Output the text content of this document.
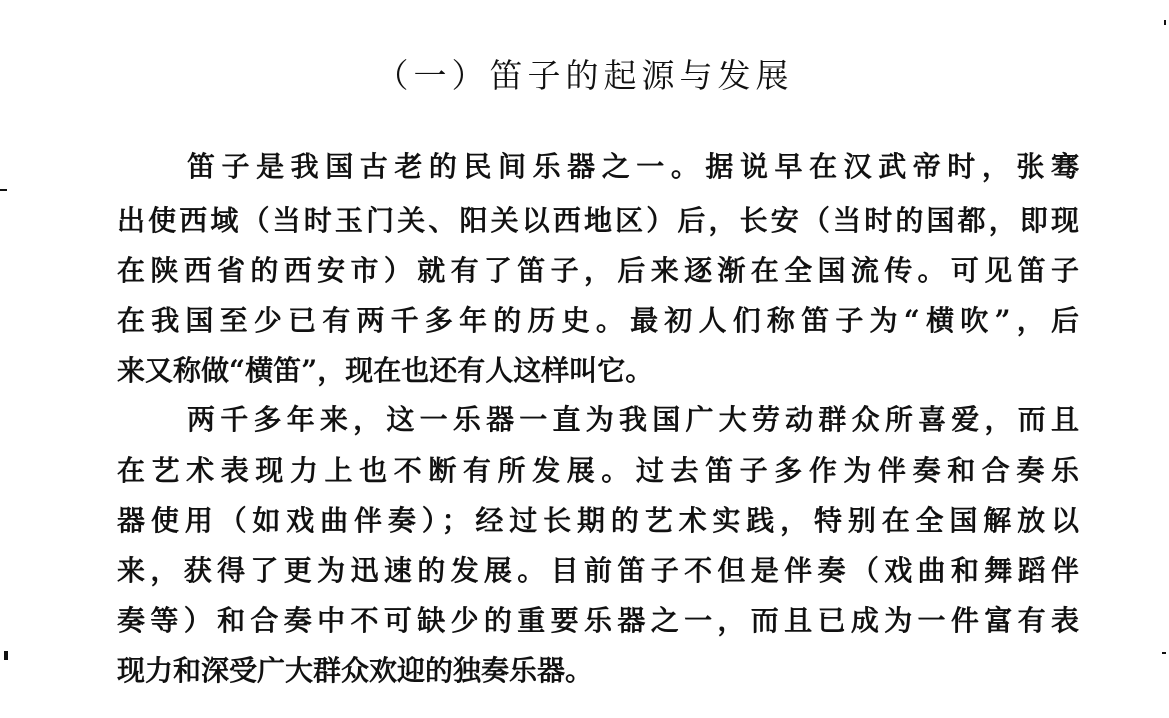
（一）笛子的起源与发展

笛子是我国古老的民间乐器之一。据说早在汉武帝时，张骞

出使西域（当时玉门关、阳关以西地区）后，长安（当时的国都，即现

在陕西省的西安市）就有了笛子，后来逐渐在全国流传。可见笛子

在我国至少已有两千多年的历史。最初人们称笛子为“横吹”，后

来又称做“横笛”，现在也还有人这样叫它。

两千多年来，这一乐器一直为我国广大劳动群众所喜爱，而且

在艺术表现力上也不断有所发展。过去笛子多作为伴奏和合奏乐

器使用（如戏曲伴奏）；经过长期的艺术实践，特别在全国解放以

来，获得了更为迅速的发展。目前笛子不但是伴奏（戏曲和舞蹈伴

奏等）和合奏中不可缺少的重要乐器之一，而且已成为一件富有表

现力和深受广大群众欢迎的独奏乐器。
